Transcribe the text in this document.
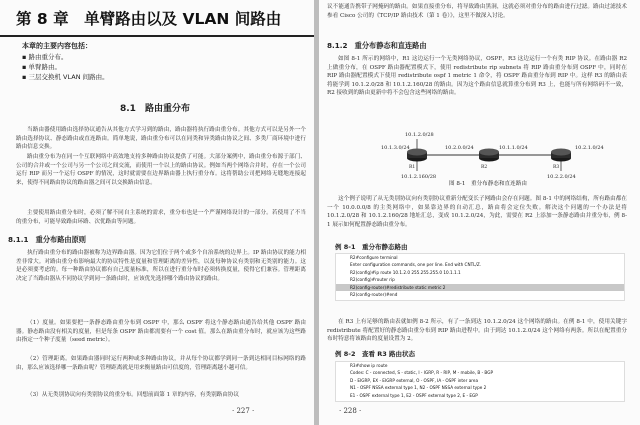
第 8 章　单臂路由以及 VLAN 间路由
本章的主要内容包括：
▪ 路由重分布。
▪ 单臂路由。
▪ 三层交换机 VLAN 间路由。
8.1　路由重分布
当路由器使用路由选择协议通告从其他方式学习到的路由，路由器将执行路由重分布。其他方式可以是另外一个路由选择协议、静态路由或直连路由。简单地说，路由重分布可以在同类和异类路由协议之间、多类厂商环境中进行路由信息交换。
路由重分布为在同一个互联网络中高效地支持多种路由协议提供了可能。大部分案例中，路由重分布源于部门、公司的合并或一个公司与另一个公司之间交流，而使用一个以上的路由协议。例如当两个网络合并时，存在一个公司运行 RIP 而另一个运行 OSPF 的情况，这时就需要在边界路由器上执行重分布。这将帮助公司把网络无缝地连接起来，使得不同路由协议的路由器之间可以交换路由信息。
主要使用路由重分布时，必须了解不同自主系统的需求，重分布也是一个严谨网络设计的一部分。若使用了不当的重分布，可能导致路由环路、次优路由等问题。
8.1.1　重分布路由原则
执行路由重分布的路由器被称为边界路由器。因为它们位于两个或多个自治系统的边界上。IP 路由协议的能力相差非常大。对路由重分布影响最大的协议特性是度量和管理距离的差异性，以及每种协议有类别和无类别的能力。这是必须要考虑的。每一种路由协议都有自己度量标准，所以在进行重分布时必须转换度量，使得它们兼容。管理距离决定了当路由器从不同协议学到同一条路由时，应该优先选择哪个路由协议的路由。
（1）度量。如果要把一条静态路由重分布到 OSPF 中，那么 OSPF 将这个静态路由通告给其他 OSPF 路由器。静态路由没有相关的度量，但是每条 OSPF 路由都需要有一个 cost 值。那么在路由重分布时，就应该为这些路由指定一个种子度量（seed metric）。
（2）管理距离。如果路由器同时运行两种或多种路由协议，并从每个协议都学到同一条到达相同目标网络的路由，那么应该选择哪一条路由呢？管理距离就是用来衡量路由可信度的，管理距离越小越可信。
（3）从无类别协议向有类别协议的重分布。回想前面第 1 章的内容，有类别路由协议
· 227 ·
议不能通告携带子网掩码的路由。如果直接重分布，将导致路由黑洞，这就必须对重分布的路由进行过滤。路由过滤技术参看 Cisco 公司的《TCP/IP 路由技术（第 1 卷）》，这里不做深入讨论。
8.1.2　重分布静态和直连路由
如图 8-1 所示的网络中，R1 这边运行一个无类网络协议，OSPF，R3 这边运行一个有类 RIP 协议。在路由器 R2 上做重分布，在 OSPF 路由器配置模式下，使用 redistribute rip subnets 将 RIP 路由重分布到 OSPF 中，同时在 RIP 路由器配置模式下使用 redistribute ospf 1 metric 1 命令，将 OSPF 路由重分布到 RIP 中。这样 R3 的路由表将能学到 10.1.2.0/28 和 10.1.2.160/28 的路由。因为这个路由信息就算重分布到 R3 上，也能与所有网络码不一致，R2 接收到的路由更新中将不会包含这些网络的路由。
10.1.2.0/28
10.1.1.0/24
10.1.3.0/24	10.2.1.0/24
10.2.0.0/24
10.1.2.160/28	10.2.2.0/24
R1	R2	R3
图 8-1　重分布静态和直连路由
这个例子说明了从无类别协议向有类别协议重新分配变长子网路由会存在问题。图 8-1 中的网络结构，所有路由都在一个 10.0.0.0/8 的主类网络中，如果靠边界的自动汇总，路由将会定位失败。解决这个问题的一个办法是将 10.1.2.0/28 和 10.1.2.160/28 地址汇总，变成 10.1.2.0/24，为此，需要在 R2 上添加一条静态路由并重分布，例 8-1 展示如何配置静态路由重分布。
例 8-1　重分布静态路由
R2#configure terminal
Enter configuration commands, one per line. End with CNTL/Z.
R2(config)#ip route 10.1.2.0 255.255.255.0 10.1.1.1
R2(config)#router rip
R2(config-router)#redistribute static metric 2
R2(config-router)#end
在 R3 上有足够的路由表就如例 8-2 所示，有了一条到达 10.1.2.0/24 这个网络的路由。在例 8-1 中，使用关键字 redistribute 将配置好的静态路由重分布到 RIP 路由进程中。由于到达 10.1.2.0/24 这个网络有两条。所以在配置重分布时特意将该路由的度量设置为 2。
例 8-2　查看 R3 路由状态
R3#show ip route
Codes: C - connected, S - static, I - IGRP, R - RIP, M - mobile, B - BGP
D - EIGRP, EX - EIGRP external, O - OSPF, IA - OSPF inter area
N1 - OSPF NSSA external type 1, N2 - OSPF NSSA external type 2
E1 - OSPF external type 1, E2 - OSPF external type 2, E - EGP
· 228 ·
